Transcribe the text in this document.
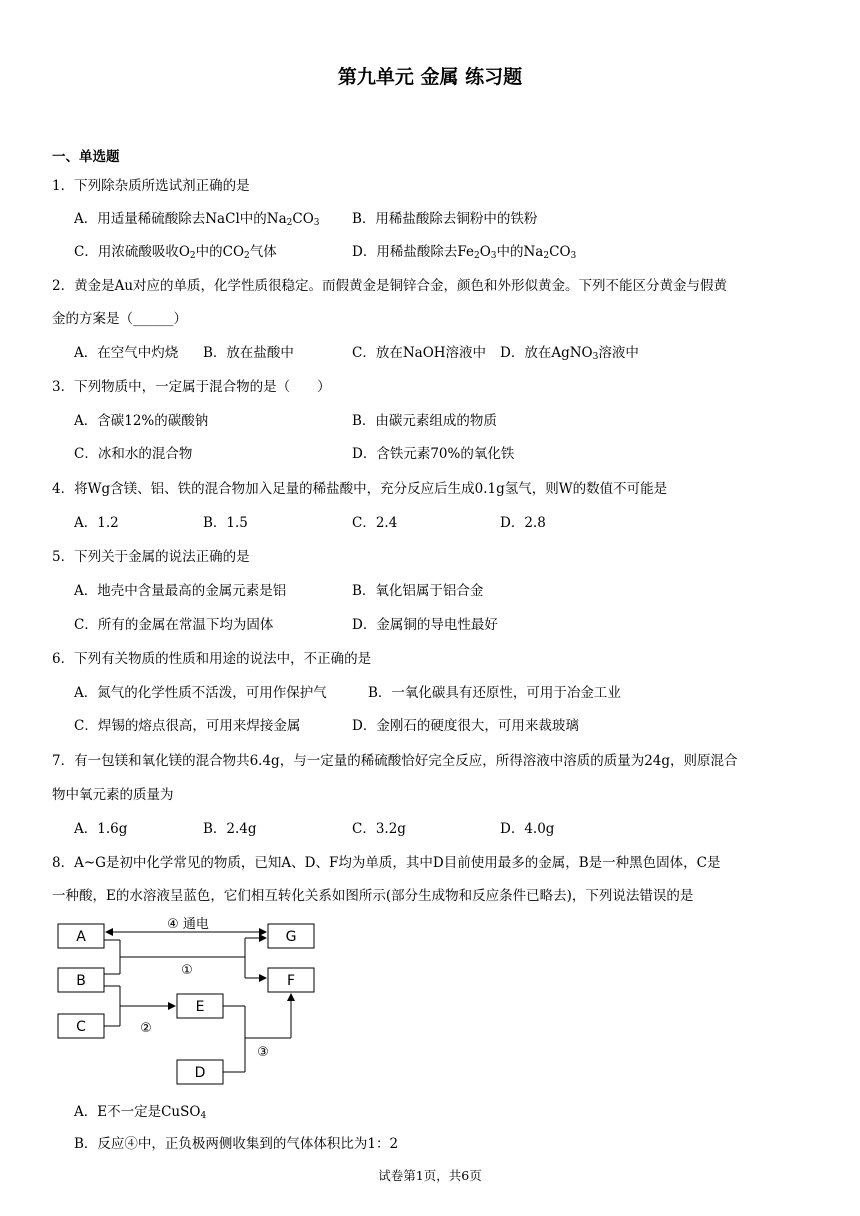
第九单元 金属 练习题
一、单选题
1．下列除杂质所选试剂正确的是
A．用适量稀硫酸除去NaCl中的$Na_2CO_3$ B．用稀盐酸除去铜粉中的铁粉
C．用浓硫酸吸收$O_2$中的$CO_2$气体	D．用稀盐酸除去$Fe_2O_3$中的$Na_2CO_3$
2．黄金是Au对应的单质，化学性质很稳定。而假黄金是铜锌合金，颜色和外形似黄金。下列不能区分黄金与假黄
金的方案是（______）
A．在空气中灼烧 B．放在盐酸中	C．放在NaOH溶液中 D．放在AgNO$_3$溶液中
3．下列物质中，一定属于混合物的是（　　）
A．含碳12%的碳酸钠	B．由碳元素组成的物质
C．冰和水的混合物	D．含铁元素70%的氧化铁
4．将Wg含镁、铝、铁的混合物加入足量的稀盐酸中，充分反应后生成0.1g氢气，则W的数值不可能是
A．1.2	B．1.5	C．2.4	D．2.8
5．下列关于金属的说法正确的是
A．地壳中含量最高的金属元素是铝	B．氧化铝属于铝合金
C．所有的金属在常温下均为固体	D．金属铜的导电性最好
6．下列有关物质的性质和用途的说法中，不正确的是
A．氮气的化学性质不活泼，可用作保护气	B．一氧化碳具有还原性，可用于冶金工业
C．焊锡的熔点很高，可用来焊接金属	D．金刚石的硬度很大，可用来裁玻璃
7．有一包镁和氧化镁的混合物共6.4g，与一定量的稀硫酸恰好完全反应，所得溶液中溶质的质量为24g，则原混合
物中氧元素的质量为
A．1.6g	B．2.4g	C．3.2g	D．4.0g
8．A~G是初中化学常见的物质，已知A、D、F均为单质，其中D目前使用最多的金属，B是一种黑色固体，C是
一种酸，E的水溶液呈蓝色，它们相互转化关系如图所示(部分生成物和反应条件已略去)，下列说法错误的是
A
B
C
E
D
G
F
④ 通电
①
②
③
A．E不一定是CuSO$_4$
B．反应④中，正负极两侧收集到的气体体积比为1：2
试卷第1页，共6页
